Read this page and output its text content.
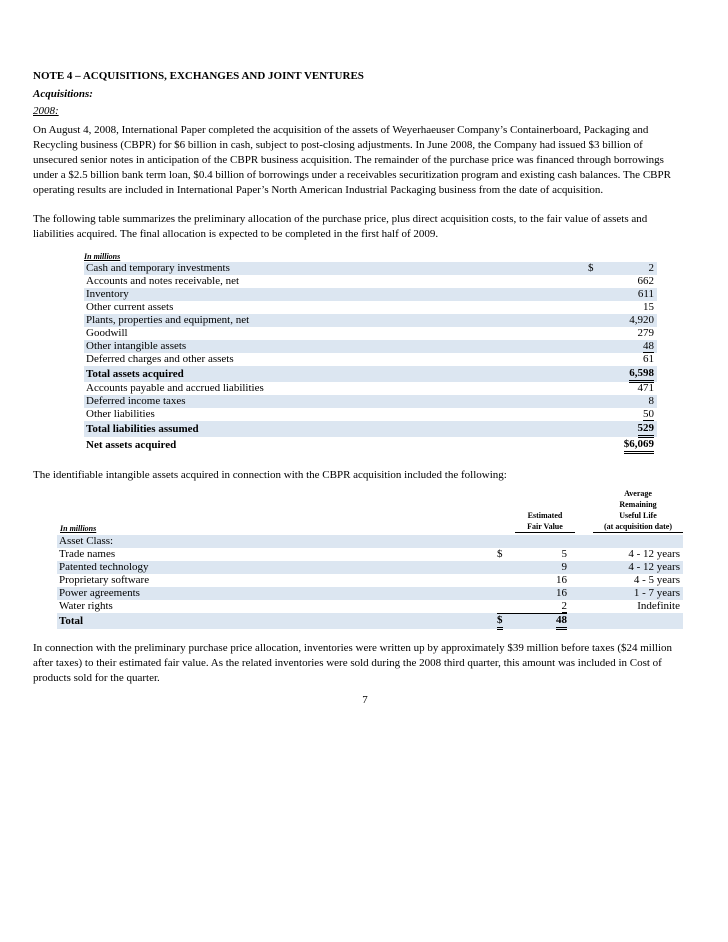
NOTE 4 – ACQUISITIONS, EXCHANGES AND JOINT VENTURES
Acquisitions:
2008:

On August 4, 2008, International Paper completed the acquisition of the assets of Weyerhaeuser Company’s Containerboard, Packaging and Recycling business (CBPR) for $6 billion in cash, subject to post-closing adjustments. In June 2008, the Company had issued $3 billion of unsecured senior notes in anticipation of the CBPR business acquisition. The remainder of the purchase price was financed through borrowings under a $2.5 billion bank term loan, $0.4 billion of borrowings under a receivables securitization program and existing cash balances. The CBPR operating results are included in International Paper’s North American Industrial Packaging business from the date of acquisition.

The following table summarizes the preliminary allocation of the purchase price, plus direct acquisition costs, to the fair value of assets and liabilities acquired. The final allocation is expected to be completed in the first half of 2009.

In millions
Cash and temporary investments	$	2
Accounts and notes receivable, net	662
Inventory	611
Other current assets	15
Plants, properties and equipment, net	4,920
Goodwill	279
Other intangible assets	48
Deferred charges and other assets	61
Total assets acquired	6,598
Accounts payable and accrued liabilities	471
Deferred income taxes	8
Other liabilities	50
Total liabilities assumed	529
Net assets acquired	$6,069

The identifiable intangible assets acquired in connection with the CBPR acquisition included the following:

In millions
Estimated
Fair Value
Average
Remaining
Useful Life
(at acquisition date)
Asset Class:
Trade names	$	5	4 - 12 years
Patented technology	9	4 - 12 years
Proprietary software	16	4 - 5 years
Power agreements	16	1 - 7 years
Water rights	2	Indefinite
Total	$	48

In connection with the preliminary purchase price allocation, inventories were written up by approximately $39 million before taxes ($24 million after taxes) to their estimated fair value. As the related inventories were sold during the 2008 third quarter, this amount was included in Cost of products sold for the quarter.

7
